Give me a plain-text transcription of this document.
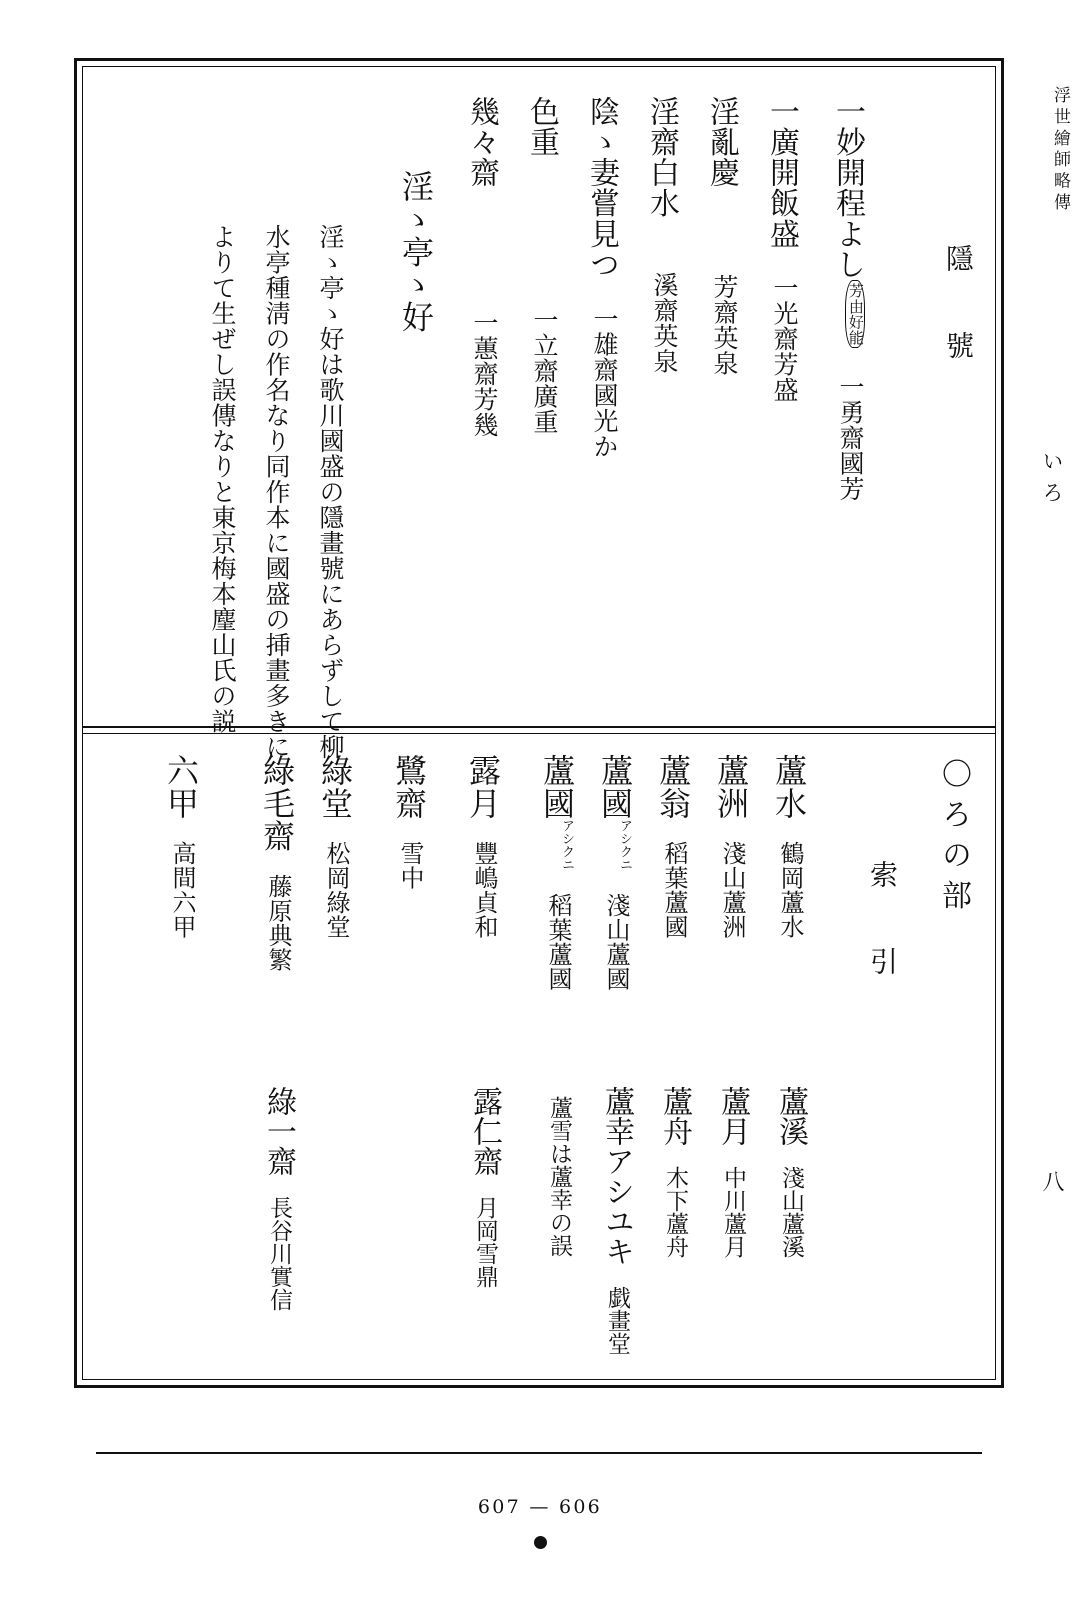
浮世繪師略傳
いろ
八
隱　號
一妙開程よし芳由好能
一勇齋國芳
一廣開飯盛
一光齋芳盛
淫亂慶
芳齋英泉
淫齋白水
溪齋英泉
陰ゝ妻嘗見つ
一雄齋國光か
色重
一立齋廣重
幾々齋
一蕙齋芳幾
淫ゝ亭ゝ好
淫ゝ亭ゝ好は歌川國盛の隱畫號にあらずして柳
水亭種淸の作名なり同作本に國盛の挿畫多きに
よりて生ぜし誤傳なりと東京梅本麈山氏の説
〇ろの部
索　引
蘆水
鶴岡蘆水
蘆洲
淺山蘆洲
蘆翁
稻葉蘆國
蘆國アシクニ
淺山蘆國
蘆國アシクニ
稻葉蘆國
露月
豐嶋貞和
鷺齋
雪中
綠堂
松岡綠堂
綠毛齋
藤原典繁
六甲
高間六甲
蘆溪
淺山蘆溪
蘆月
中川蘆月
蘆舟
木下蘆舟
蘆幸アシユキ
戯畫堂
蘆雪は蘆幸の誤
露仁齋
月岡雪鼎
綠一齋
長谷川實信
607 — 606
